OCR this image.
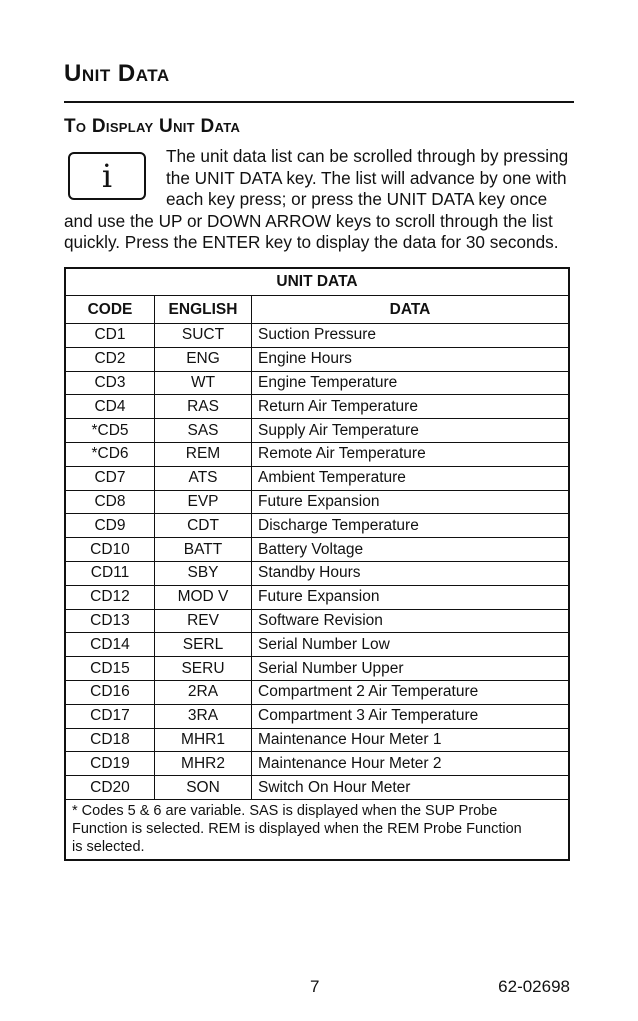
Unit Data
To Display Unit Data
i
The unit data list can be scrolled through by pressing
the UNIT DATA key. The list will advance by one with
each key press; or press the UNIT DATA key once
and use the UP or DOWN ARROW keys to scroll through the list
quickly. Press the ENTER key to display the data for 30 seconds.
UNIT DATA		
CODE	ENGLISH	DATA
CD1	SUCT	Suction Pressure
CD2	ENG	Engine Hours
CD3	WT	Engine Temperature
CD4	RAS	Return Air Temperature
*CD5	SAS	Supply Air Temperature
*CD6	REM	Remote Air Temperature
CD7	ATS	Ambient Temperature
CD8	EVP	Future Expansion
CD9	CDT	Discharge Temperature
CD10	BATT	Battery Voltage
CD11	SBY	Standby Hours
CD12	MOD V	Future Expansion
CD13	REV	Software Revision
CD14	SERL	Serial Number Low
CD15	SERU	Serial Number Upper
CD16	2RA	Compartment 2 Air Temperature
CD17	3RA	Compartment 3 Air Temperature
CD18	MHR1	Maintenance Hour Meter 1
CD19	MHR2	Maintenance Hour Meter 2
CD20	SON	Switch On Hour Meter

* Codes 5 & 6 are variable. SAS is displayed when the SUP Probe
Function is selected. REM is displayed when the REM Probe Function
is selected.		
7	62-02698
